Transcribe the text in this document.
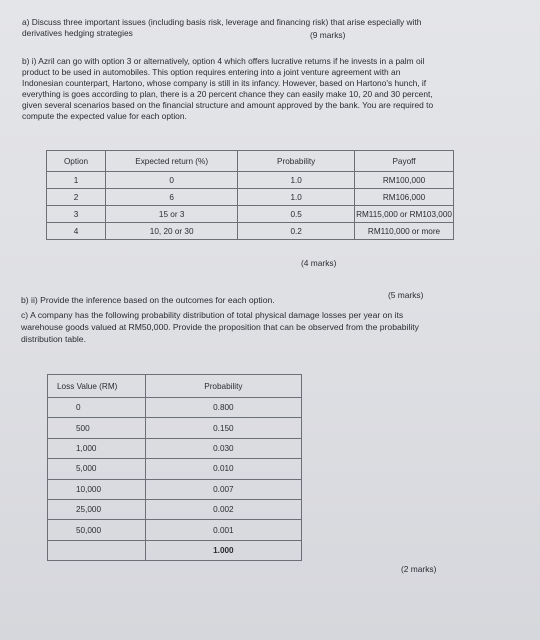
a) Discuss three important issues (including basis risk, leverage and financing risk) that arise especially with
derivatives hedging strategies	(9 marks)
b) i) Azril can go with option 3 or alternatively, option 4 which offers lucrative returns if he invests in a palm oil
product to be used in automobiles. This option requires entering into a joint venture agreement with an
Indonesian counterpart, Hartono, whose company is still in its infancy. However, based on Hartono's hunch, if
everything is goes according to plan, there is a 20 percent chance they can easily make 10, 20 and 30 percent,
given several scenarios based on the financial structure and amount approved by the bank. You are required to
compute the expected value for each option.
Option	Expected return (%)	Probability	Payoff
1	0	1.0	RM100,000
2	6	1.0	RM106,000
3	15 or 3	0.5	RM115,000 or RM103,000
4	10, 20 or 30	0.2	RM110,000 or more
(4 marks)
b) ii) Provide the inference based on the outcomes for each option.	(5 marks)
c) A company has the following probability distribution of total physical damage losses per year on its
warehouse goods valued at RM50,000. Provide the proposition that can be observed from the probability
distribution table.
Loss Value (RM)	Probability
0	0.800
500	0.150
1,000	0.030
5,000	0.010
10,000	0.007
25,000	0.002
50,000	0.001
	1.000
(2 marks)
